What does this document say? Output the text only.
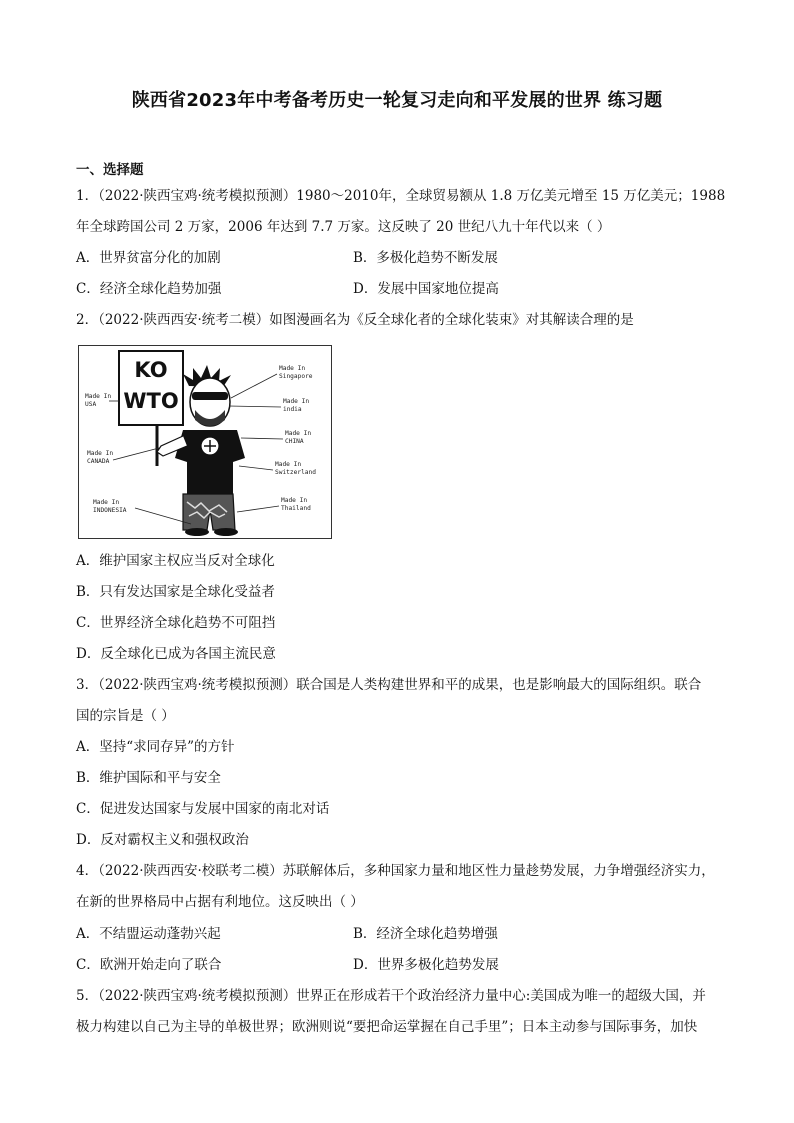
陕西省2023年中考备考历史一轮复习走向和平发展的世界 练习题
一、选择题
1．（2022·陕西宝鸡·统考模拟预测）1980～2010年，全球贸易额从 1.8 万亿美元增至 15 万亿美元；1988
年全球跨国公司 2 万家，2006 年达到 7.7 万家。这反映了 20 世纪八九十年代以来（ ）
A．世界贫富分化的加剧	B．多极化趋势不断发展
C．经济全球化趋势加强	D．发展中国家地位提高
2．（2022·陕西西安·统考二模）如图漫画名为《反全球化者的全球化装束》对其解读合理的是
KO
WTO
Made In
USA
Made In
CANADA
Made In
INDONESIA
Made In
Singapore
Made In
india
Made In
CHINA
Made In
Switzerland
Made In
Thailand
A．维护国家主权应当反对全球化
B．只有发达国家是全球化受益者
C．世界经济全球化趋势不可阻挡
D．反全球化已成为各国主流民意
3．（2022·陕西宝鸡·统考模拟预测）联合国是人类构建世界和平的成果，也是影响最大的国际组织。联合
国的宗旨是（ ）
A．坚持“求同存异”的方针
B．维护国际和平与安全
C．促进发达国家与发展中国家的南北对话
D．反对霸权主义和强权政治
4．（2022·陕西西安·校联考二模）苏联解体后，多种国家力量和地区性力量趁势发展，力争增强经济实力，
在新的世界格局中占据有利地位。这反映出（ ）
A．不结盟运动蓬勃兴起	B．经济全球化趋势增强
C．欧洲开始走向了联合	D．世界多极化趋势发展
5．（2022·陕西宝鸡·统考模拟预测）世界正在形成若干个政治经济力量中心:美国成为唯一的超级大国，并
极力构建以自己为主导的单极世界；欧洲则说“要把命运掌握在自己手里”；日本主动参与国际事务，加快
